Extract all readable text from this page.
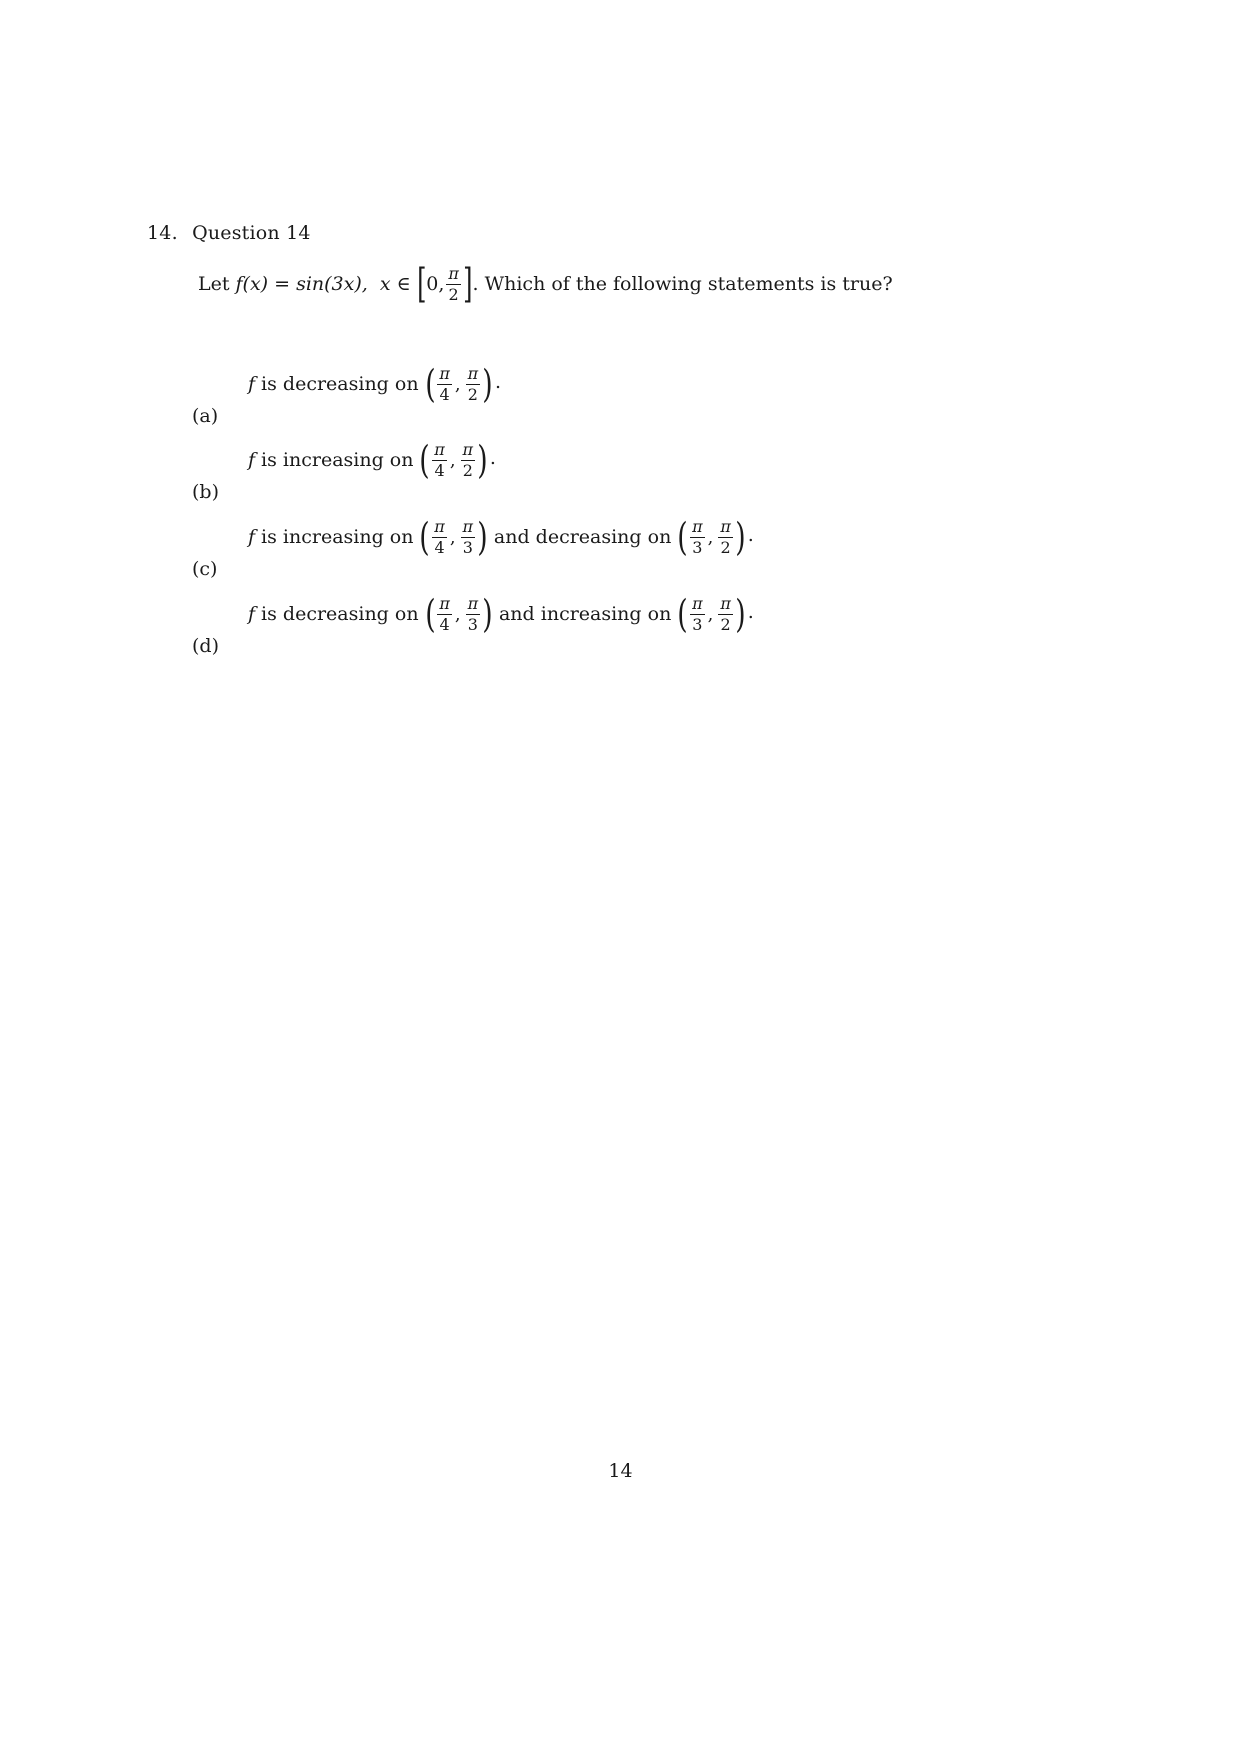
14. Question 14
Let f(x) = sin(3x), x ∈ [ 0, $\frac{\pi}{2}$ ] . Which of the following statements is true?
(a)
f is decreasing on ( $\frac{\pi}{4}$ , $\frac{\pi}{2}$ ) .
(b)
f is increasing on ( $\frac{\pi}{4}$ , $\frac{\pi}{2}$ ) .
(c)
f is increasing on ( $\frac{\pi}{4}$ , $\frac{\pi}{3}$ ) and decreasing on ( $\frac{\pi}{3}$ , $\frac{\pi}{2}$ ) .
(d)
f is decreasing on ( $\frac{\pi}{4}$ , $\frac{\pi}{3}$ ) and increasing on ( $\frac{\pi}{3}$ , $\frac{\pi}{2}$ ) .
14
